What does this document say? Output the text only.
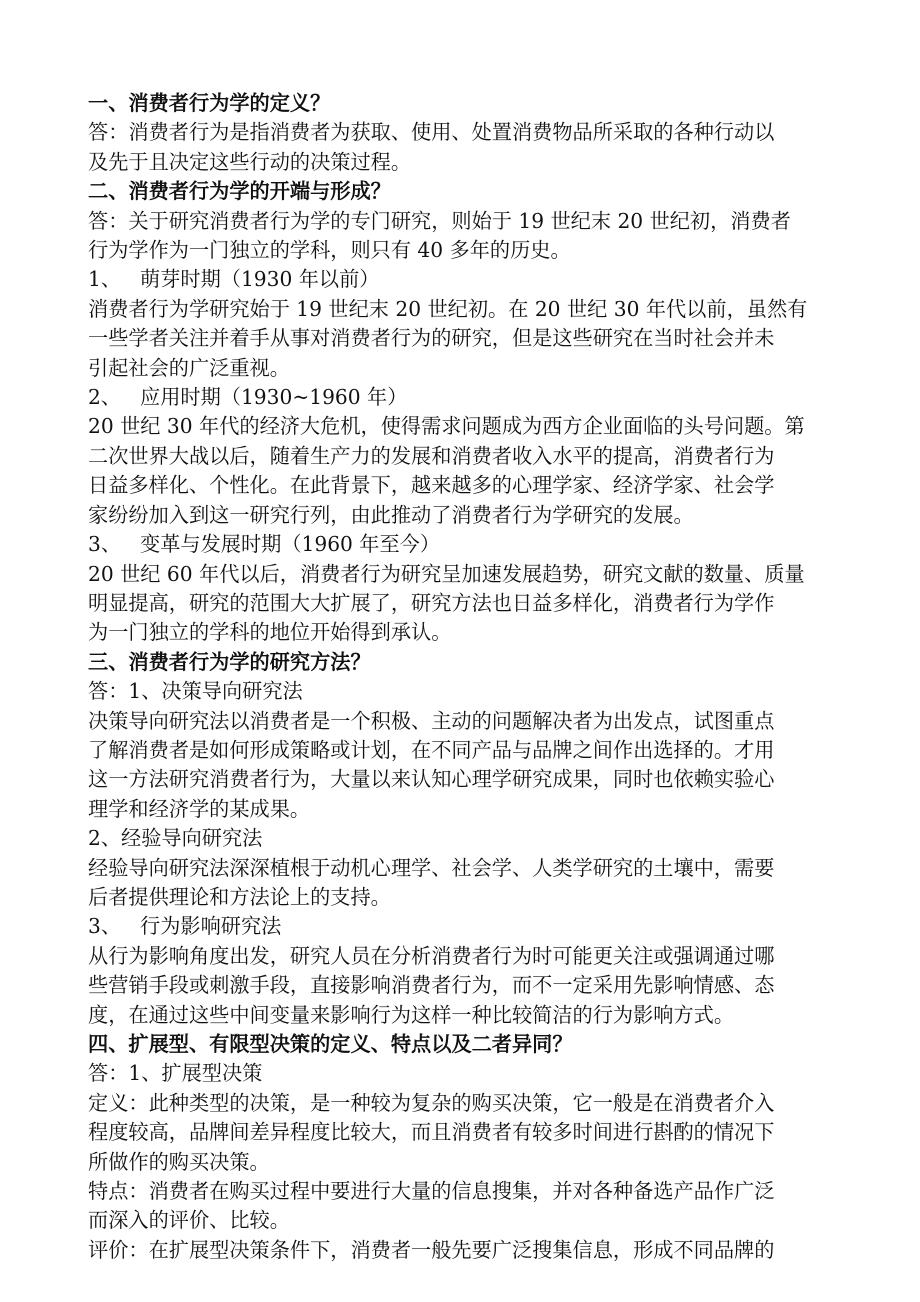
一、消费者行为学的定义？
答：消费者行为是指消费者为获取、使用、处置消费物品所采取的各种行动以
及先于且决定这些行动的决策过程。
二、消费者行为学的开端与形成？
答：关于研究消费者行为学的专门研究，则始于 19 世纪末 20 世纪初，消费者
行为学作为一门独立的学科，则只有 40 多年的历史。
1、 萌芽时期（1930 年以前）
消费者行为学研究始于 19 世纪末 20 世纪初。在 20 世纪 30 年代以前，虽然有
一些学者关注并着手从事对消费者行为的研究，但是这些研究在当时社会并未
引起社会的广泛重视。
2、 应用时期（1930~1960 年）
20 世纪 30 年代的经济大危机，使得需求问题成为西方企业面临的头号问题。第
二次世界大战以后，随着生产力的发展和消费者收入水平的提高，消费者行为
日益多样化、个性化。在此背景下，越来越多的心理学家、经济学家、社会学
家纷纷加入到这一研究行列，由此推动了消费者行为学研究的发展。
3、 变革与发展时期（1960 年至今）
20 世纪 60 年代以后，消费者行为研究呈加速发展趋势，研究文献的数量、质量
明显提高，研究的范围大大扩展了，研究方法也日益多样化，消费者行为学作
为一门独立的学科的地位开始得到承认。
三、消费者行为学的研究方法？
答：1、决策导向研究法
决策导向研究法以消费者是一个积极、主动的问题解决者为出发点，试图重点
了解消费者是如何形成策略或计划，在不同产品与品牌之间作出选择的。才用
这一方法研究消费者行为，大量以来认知心理学研究成果，同时也依赖实验心
理学和经济学的某成果。
2、经验导向研究法
经验导向研究法深深植根于动机心理学、社会学、人类学研究的土壤中，需要
后者提供理论和方法论上的支持。
3、 行为影响研究法
从行为影响角度出发，研究人员在分析消费者行为时可能更关注或强调通过哪
些营销手段或刺激手段，直接影响消费者行为，而不一定采用先影响情感、态
度，在通过这些中间变量来影响行为这样一种比较简洁的行为影响方式。
四、扩展型、有限型决策的定义、特点以及二者异同？
答：1、扩展型决策
定义：此种类型的决策，是一种较为复杂的购买决策，它一般是在消费者介入
程度较高，品牌间差异程度比较大，而且消费者有较多时间进行斟酌的情况下
所做作的购买决策。
特点：消费者在购买过程中要进行大量的信息搜集，并对各种备选产品作广泛
而深入的评价、比较。
评价：在扩展型决策条件下，消费者一般先要广泛搜集信息，形成不同品牌的
